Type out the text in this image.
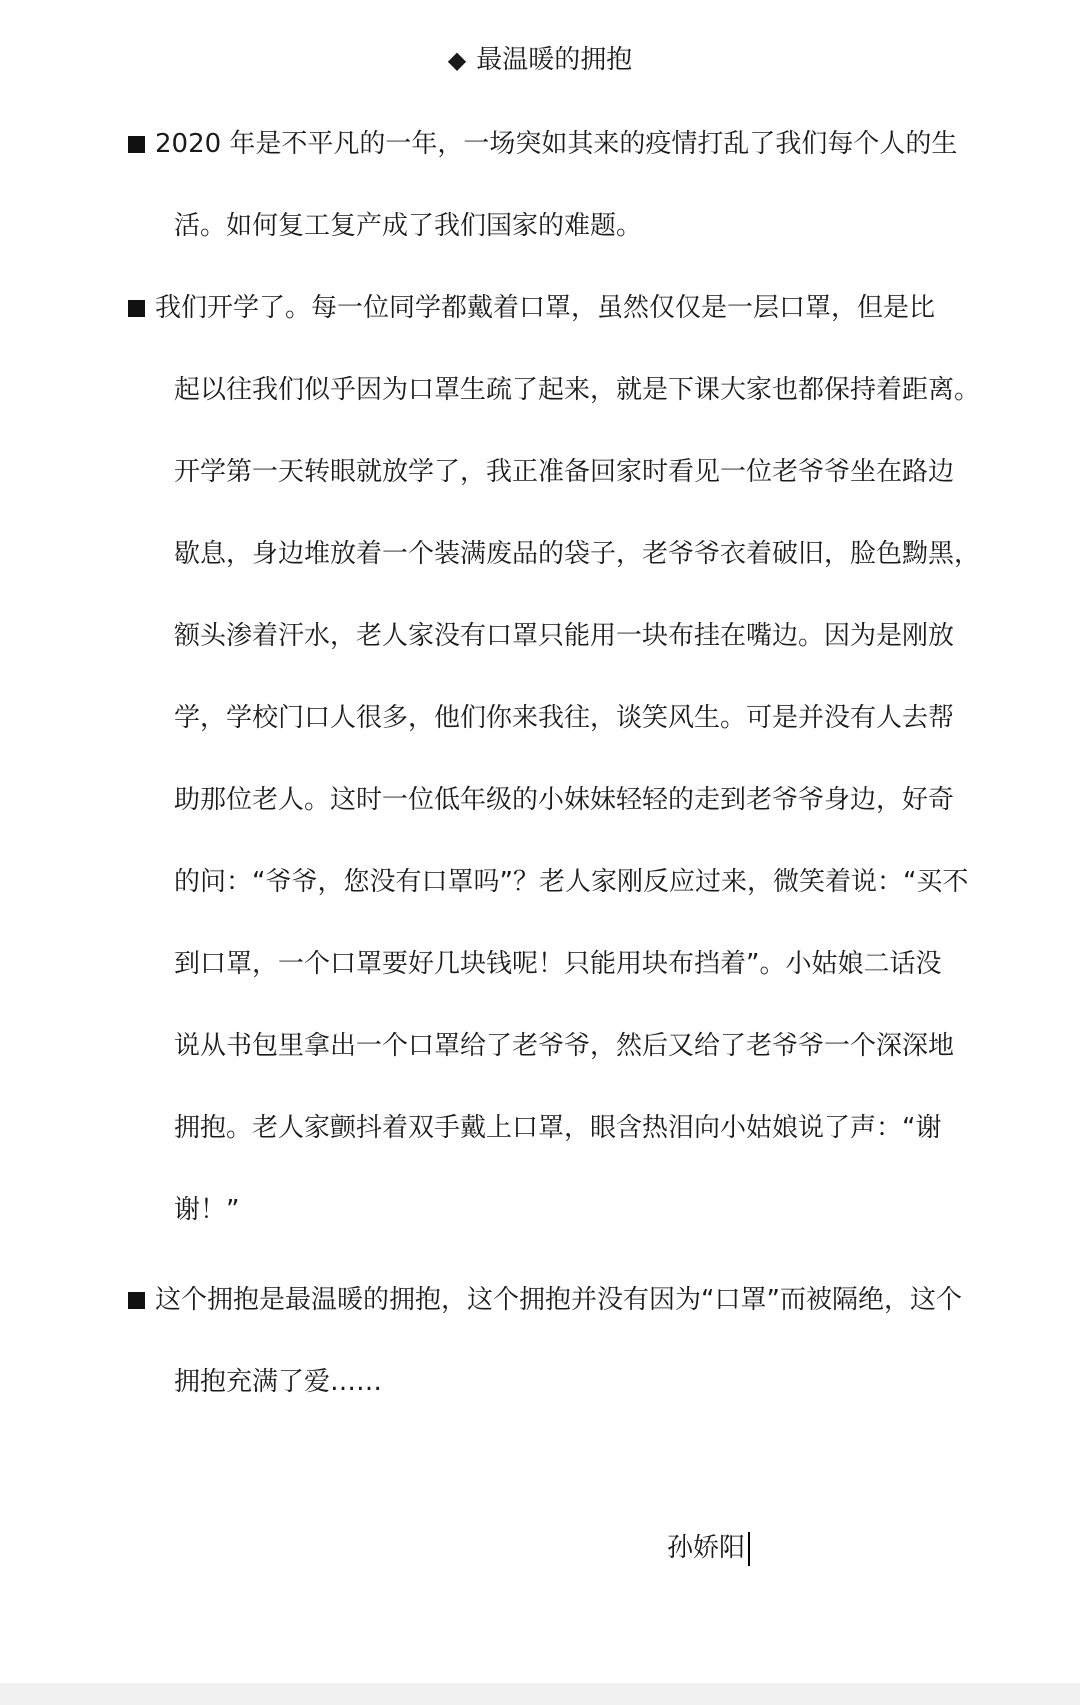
◆ 最温暖的拥抱
2020 年是不平凡的一年，一场突如其来的疫情打乱了我们每个人的生
活。如何复工复产成了我们国家的难题。
我们开学了。每一位同学都戴着口罩，虽然仅仅是一层口罩，但是比
起以往我们似乎因为口罩生疏了起来，就是下课大家也都保持着距离。
开学第一天转眼就放学了，我正准备回家时看见一位老爷爷坐在路边
歇息，身边堆放着一个装满废品的袋子，老爷爷衣着破旧，脸色黝黑，
额头渗着汗水，老人家没有口罩只能用一块布挂在嘴边。因为是刚放
学，学校门口人很多，他们你来我往，谈笑风生。可是并没有人去帮
助那位老人。这时一位低年级的小妹妹轻轻的走到老爷爷身边，好奇
的问：“爷爷，您没有口罩吗”？老人家刚反应过来，微笑着说：“买不
到口罩，一个口罩要好几块钱呢！只能用块布挡着”。小姑娘二话没
说从书包里拿出一个口罩给了老爷爷，然后又给了老爷爷一个深深地
拥抱。老人家颤抖着双手戴上口罩，眼含热泪向小姑娘说了声：“谢
谢！”
这个拥抱是最温暖的拥抱，这个拥抱并没有因为“口罩”而被隔绝，这个
拥抱充满了爱……
孙娇阳
